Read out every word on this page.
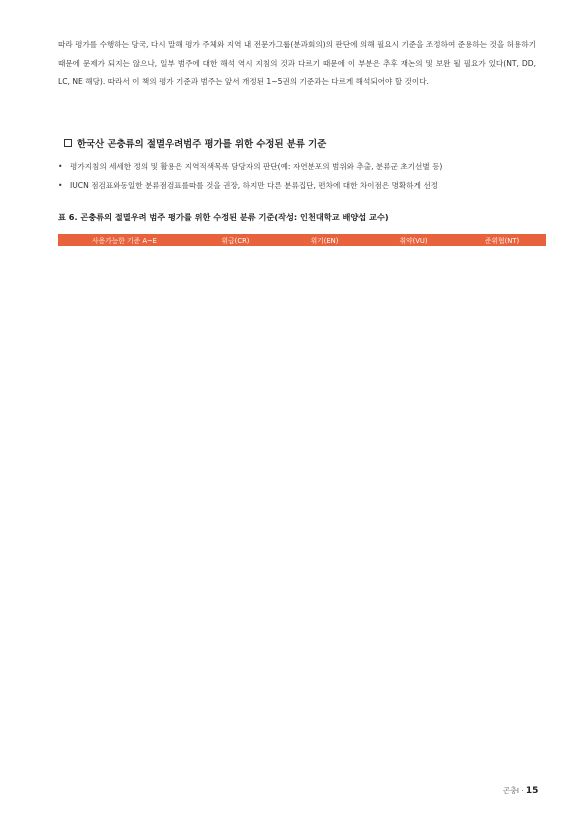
따라 평가를 수행하는 당국, 다시 말해 평가 주체와 지역 내 전문가그룹(분과회의)의 판단에 의해 필요시 기준을 조정하여 준용하는 것을 허용하기 때문에 문제가 되지는 않으나, 일부 범주에 대한 해석 역시 지침의 것과 다르기 때문에 이 부분은 추후 재논의 및 보완 될 필요가 있다(NT, DD, LC, NE 해당). 따라서 이 책의 평가 기준과 범주는 앞서 개정된 1~5권의 기준과는 다르게 해석되어야 할 것이다.
한국산 곤충류의 절멸우려범주 평가를 위한 수정된 분류 기준
• 평가지침의 세세한 정의 및 활용은 지역적색목록 담당자의 판단(예: 자연분포의 범위와 추출, 분류군 초기선별 등)
• IUCN 점검표와동일한 분류점검표를따를 것을 권장, 하지만 다른 분류집단, 편차에 대한 차이점은 명확하게 선정
표 6. 곤충류의 절멸우려 범주 평가를 위한 수정된 분류 기준(작성: 인천대학교 배양섭 교수)
사용가능한 기준 A~E	위급(CR)	위기(EN)	취약(VU)	준위협(NT)
곤충Ⅰ · 15
